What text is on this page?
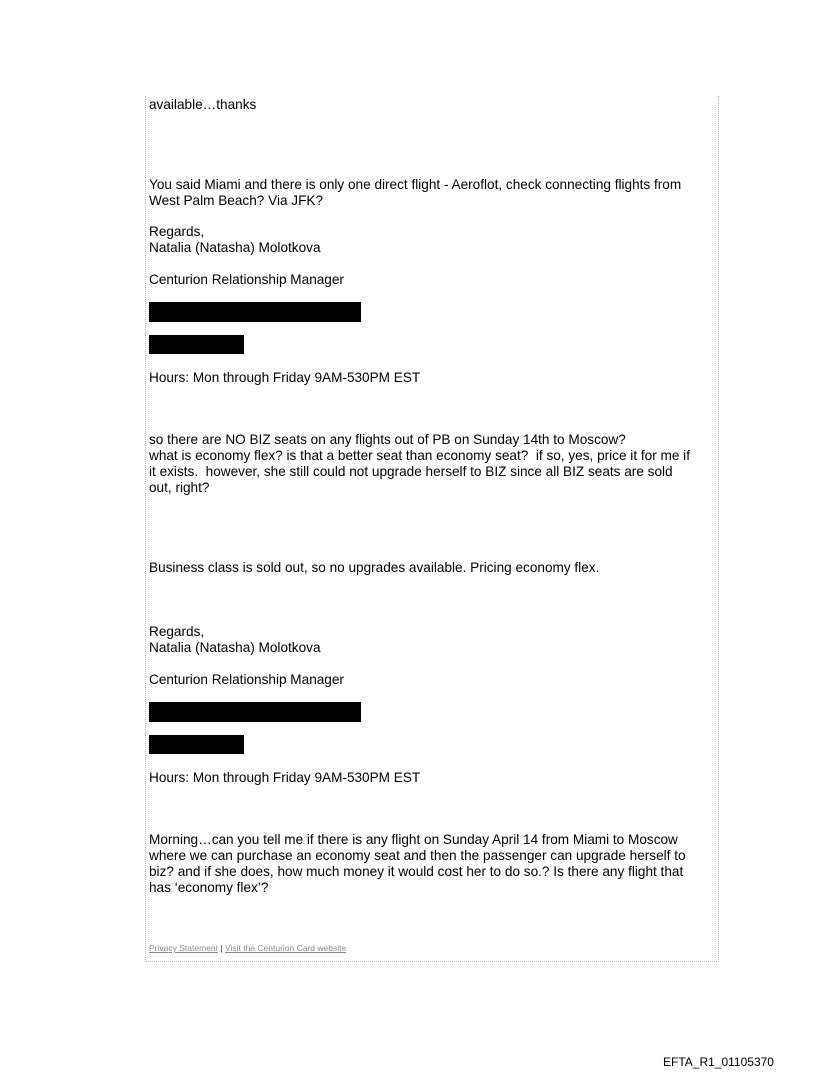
available…thanks

You said Miami and there is only one direct flight - Aeroflot, check connecting flights from

West Palm Beach? Via JFK?

Regards,

Natalia (Natasha) Molotkova

Centurion Relationship Manager

Hours: Mon through Friday 9AM-530PM EST

so there are NO BIZ seats on any flights out of PB on Sunday 14th to Moscow?

what is economy flex? is that a better seat than economy seat?  if so, yes, price it for me if

it exists.  however, she still could not upgrade herself to BIZ since all BIZ seats are sold

out, right?

Business class is sold out, so no upgrades available. Pricing economy flex.

Regards,

Natalia (Natasha) Molotkova

Centurion Relationship Manager

Hours: Mon through Friday 9AM-530PM EST

Morning…can you tell me if there is any flight on Sunday April 14 from Miami to Moscow

where we can purchase an economy seat and then the passenger can upgrade herself to

biz? and if she does, how much money it would cost her to do so.? Is there any flight that

has ‘economy flex’?

Privacy Statement | Visit the Centurion Card website
EFTA_R1_01105370
